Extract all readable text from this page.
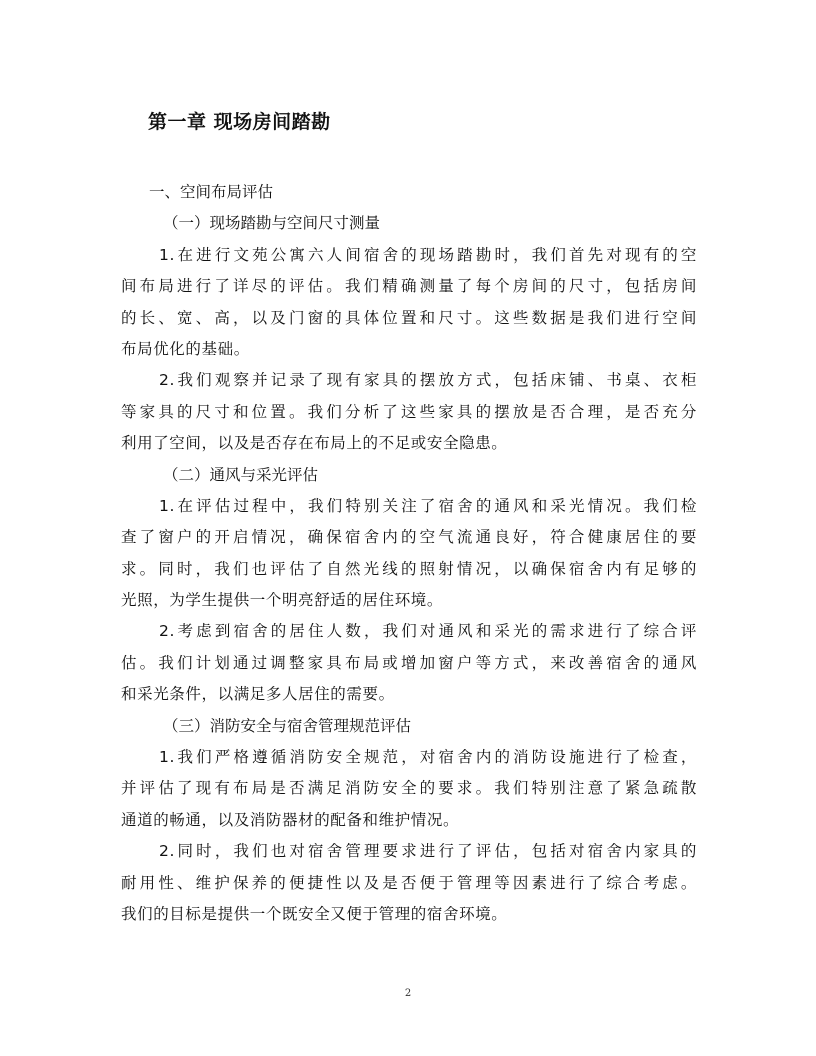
第一章 现场房间踏勘
一、空间布局评估
（一）现场踏勘与空间尺寸测量
1.在进行文苑公寓六人间宿舍的现场踏勘时，我们首先对现有的空
间布局进行了详尽的评估。我们精确测量了每个房间的尺寸，包括房间
的长、宽、高，以及门窗的具体位置和尺寸。这些数据是我们进行空间
布局优化的基础。
2.我们观察并记录了现有家具的摆放方式，包括床铺、书桌、衣柜
等家具的尺寸和位置。我们分析了这些家具的摆放是否合理，是否充分
利用了空间，以及是否存在布局上的不足或安全隐患。
（二）通风与采光评估
1.在评估过程中，我们特别关注了宿舍的通风和采光情况。我们检
查了窗户的开启情况，确保宿舍内的空气流通良好，符合健康居住的要
求。同时，我们也评估了自然光线的照射情况，以确保宿舍内有足够的
光照，为学生提供一个明亮舒适的居住环境。
2.考虑到宿舍的居住人数，我们对通风和采光的需求进行了综合评
估。我们计划通过调整家具布局或增加窗户等方式，来改善宿舍的通风
和采光条件，以满足多人居住的需要。
（三）消防安全与宿舍管理规范评估
1.我们严格遵循消防安全规范，对宿舍内的消防设施进行了检查，
并评估了现有布局是否满足消防安全的要求。我们特别注意了紧急疏散
通道的畅通，以及消防器材的配备和维护情况。
2.同时，我们也对宿舍管理要求进行了评估，包括对宿舍内家具的
耐用性、维护保养的便捷性以及是否便于管理等因素进行了综合考虑。
我们的目标是提供一个既安全又便于管理的宿舍环境。
2
